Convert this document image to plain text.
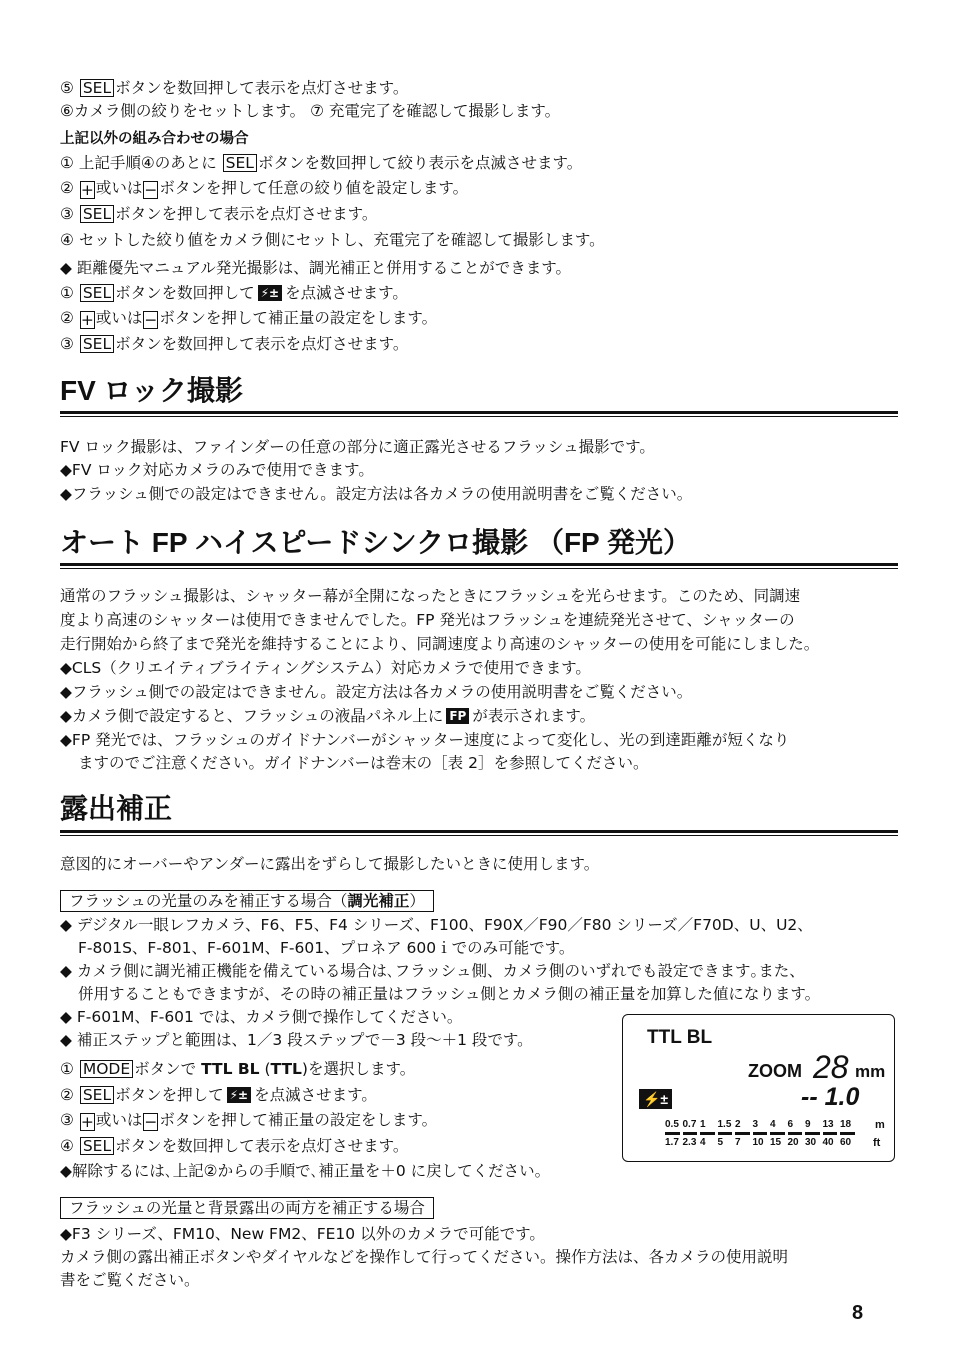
⑤ SEL ボタンを数回押して表示を点灯させます。
⑥カメラ側の絞りをセットします。 ⑦ 充電完了を確認して撮影します。
上記以外の組み合わせの場合
① 上記手順④のあとに SEL ボタンを数回押して絞り表示を点滅させます。
② + 或いは − ボタンを押して任意の絞り値を設定します。
③ SEL ボタンを押して表示を点灯させます。
④ セットした絞り値をカメラ側にセットし、充電完了を確認して撮影します。
◆ 距離優先マニュアル発光撮影は、調光補正と併用することができます。
① SEL ボタンを数回押して ⚡± を点滅させます。
② + 或いは − ボタンを押して補正量の設定をします。
③ SEL ボタンを数回押して表示を点灯させます。
FV ロック撮影
FV ロック撮影は、ファインダーの任意の部分に適正露光させるフラッシュ撮影です。
◆FV ロック対応カメラのみで使用できます。
◆フラッシュ側での設定はできません。設定方法は各カメラの使用説明書をご覧ください。
オート FP ハイスピードシンクロ撮影 （FP 発光）
通常のフラッシュ撮影は、シャッター幕が全開になったときにフラッシュを光らせます。このため、同調速
度より高速のシャッターは使用できませんでした。FP 発光はフラッシュを連続発光させて、シャッターの
走行開始から終了まで発光を維持することにより、同調速度より高速のシャッターの使用を可能にしました。
◆CLS（クリエイティブライティングシステム）対応カメラで使用できます。
◆フラッシュ側での設定はできません。設定方法は各カメラの使用説明書をご覧ください。
◆カメラ側で設定すると、フラッシュの液晶パネル上に FP が表示されます。
◆FP 発光では、フラッシュのガイドナンバーがシャッター速度によって変化し、光の到達距離が短くなり
ますのでご注意ください。ガイドナンバーは巻末の［表 2］を参照してください。
露出補正
意図的にオーバーやアンダーに露出をずらして撮影したいときに使用します。
フラッシュの光量のみを補正する場合（調光補正）
◆ デジタル一眼レフカメラ、F6、F5、F4 シリーズ、F100、F90X／F90／F80 シリーズ／F70D、U、U2、
F-801S、F-801、F-601M、F-601、プロネア 600ｉでのみ可能です。
◆ カメラ側に調光補正機能を備えている場合は､フラッシュ側、カメラ側のいずれでも設定できます｡また、
併用することもできますが、その時の補正量はフラッシュ側とカメラ側の補正量を加算した値になります。
◆ F-601M、F-601 では、カメラ側で操作してください。
◆ 補正ステップと範囲は、1／3 段ステップで－3 段～＋1 段です。
① MODE ボタンで TTL BL (TTL)を選択します。
② SEL ボタンを押して ⚡± を点滅させます。
③ + 或いは − ボタンを押して補正量の設定をします。
④ SEL ボタンを数回押して表示を点灯させます。
◆解除するには､上記②からの手順で､補正量を＋0 に戻してください｡
TTL BL
ZOOM 28 mm
⚡±	-- 1.0
0.5
1.7
0.7
2.3
1
4
1.5
5
2
7
3
10
4
15
6
20
9
30
13
40
18
60
m
ft
フラッシュの光量と背景露出の両方を補正する場合
◆F3 シリーズ、FM10、New FM2、FE10 以外のカメラで可能です。
カメラ側の露出補正ボタンやダイヤルなどを操作して行ってください。操作方法は、各カメラの使用説明
書をご覧ください。
8
